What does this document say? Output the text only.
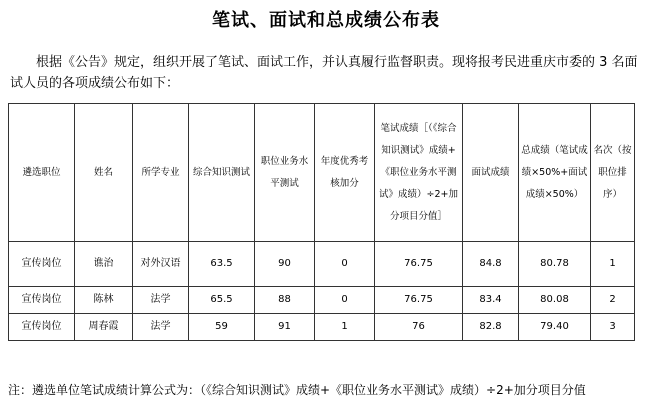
笔试、面试和总成绩公布表

根据《公告》规定，组织开展了笔试、面试工作，并认真履行监督职责。现将报考民进重庆市委的 3 名面试人员的各项成绩公布如下：

遴选职位	姓名	所学专业	综合知识测试	职位业务水平测试	年度优秀考核加分	笔试成绩［（《综合知识测试》成绩+《职位业务水平测试》成绩）÷2+加分项目分值］	面试成绩	总成绩（笔试成绩×50%+面试成绩×50%）	名次（按职位排序）
宣传岗位	谯治	对外汉语	63.5	90	0	76.75	84.8	80.78	1
宣传岗位	陈林	法学	65.5	88	0	76.75	83.4	80.08	2
宣传岗位	周春霞	法学	59	91	1	76	82.8	79.40	3
注：遴选单位笔试成绩计算公式为：（《综合知识测试》成绩+《职位业务水平测试》成绩）÷2+加分项目分值
